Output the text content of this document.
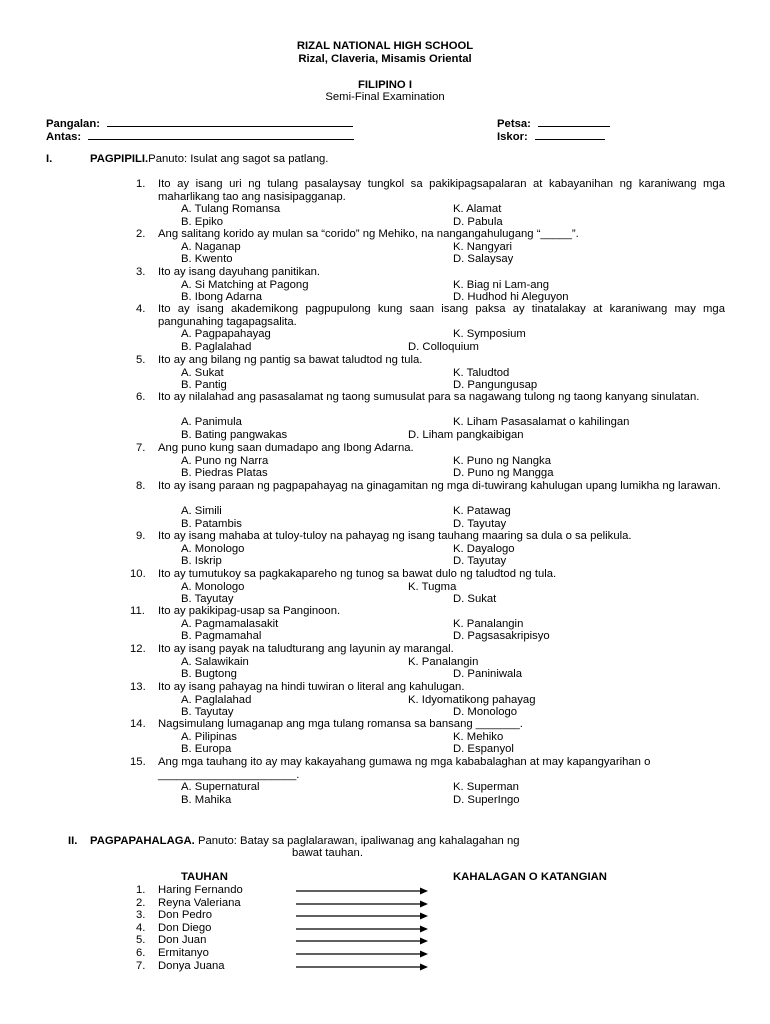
RIZAL NATIONAL HIGH SCHOOL
Rizal, Claveria, Misamis Oriental
FILIPINO I
Semi-Final Examination
Pangalan:
Antas:
Petsa:
Iskor:
I.	PAGPIPILI.Panuto: Isulat ang sagot sa patlang.
1. Ito ay isang uri ng tulang pasalaysay tungkol sa pakikipagsapalaran at kabayanihan ng karaniwang mga maharlikang tao ang nasisipagganap.
A. Tulang Romansa	K. Alamat
B. Epiko	D. Pabula
2. Ang salitang korido ay mulan sa “corido” ng Mehiko, na nangangahulugang “_____”.
A. Naganap	K. Nangyari
B. Kwento	D. Salaysay
3. Ito ay isang dayuhang panitikan.
A. Si Matching at Pagong	K. Biag ni Lam-ang
B. Ibong Adarna	D. Hudhod hi Aleguyon
4. Ito ay isang akademikong pagpupulong kung saan isang paksa ay tinatalakay at karaniwang may mga pangunahing tagapagsalita.
A. Pagpapahayag	K. Symposium
B. Paglalahad	D. Colloquium
5. Ito ay ang bilang ng pantig sa bawat taludtod ng tula.
A. Sukat	K. Taludtod
B. Pantig	D. Pangungusap
6. Ito ay nilalahad ang pasasalamat ng taong sumusulat para sa nagawang tulong ng taong kanyang sinulatan.
A. Panimula	K. Liham Pasasalamat o kahilingan
B. Bating pangwakas	D. Liham pangkaibigan
7. Ang puno kung saan dumadapo ang Ibong Adarna.
A. Puno ng Narra	K. Puno ng Nangka
B. Piedras Platas	D. Puno ng Mangga
8. Ito ay isang paraan ng pagpapahayag na ginagamitan ng mga di-tuwirang kahulugan upang lumikha ng larawan.
A. Simili	K. Patawag
B. Patambis	D. Tayutay
9. Ito ay isang mahaba at tuloy-tuloy na pahayag ng isang tauhang maaring sa dula o sa pelikula.
A. Monologo	K. Dayalogo
B. Iskrip	D. Tayutay
10. Ito ay tumutukoy sa pagkakapareho ng tunog sa bawat dulo ng taludtod ng tula.
A. Monologo	K. Tugma
B. Tayutay	D. Sukat
11. Ito ay pakikipag-usap sa Panginoon.
A. Pagmamalasakit	K. Panalangin
B. Pagmamahal	D. Pagsasakripisyo
12. Ito ay isang payak na taludturang ang layunin ay marangal.
A. Salawikain	K. Panalangin
B. Bugtong	D. Paniniwala
13. Ito ay isang pahayag na hindi tuwiran o literal ang kahulugan.
A. Paglalahad	K. Idyomatikong pahayag
B. Tayutay	D. Monologo
14. Nagsimulang lumaganap ang mga tulang romansa sa bansang _______.
A. Pilipinas	K. Mehiko
B. Europa	D. Espanyol
15. Ang mga tauhang ito ay may kakayahang gumawa ng mga kababalaghan at may kapangyarihan o
______________________.
A. Supernatural	K. Superman
B. Mahika	D. SuperIngo
II. PAGPAPAHALAGA. Panuto: Batay sa paglalarawan, ipaliwanag ang kahalagahan ng
bawat tauhan.
TAUHAN	KAHALAGAN O KATANGIAN
1. Haring Fernando
2. Reyna Valeriana
3. Don Pedro
4. Don Diego
5. Don Juan
6. Ermitanyo
7. Donya Juana
